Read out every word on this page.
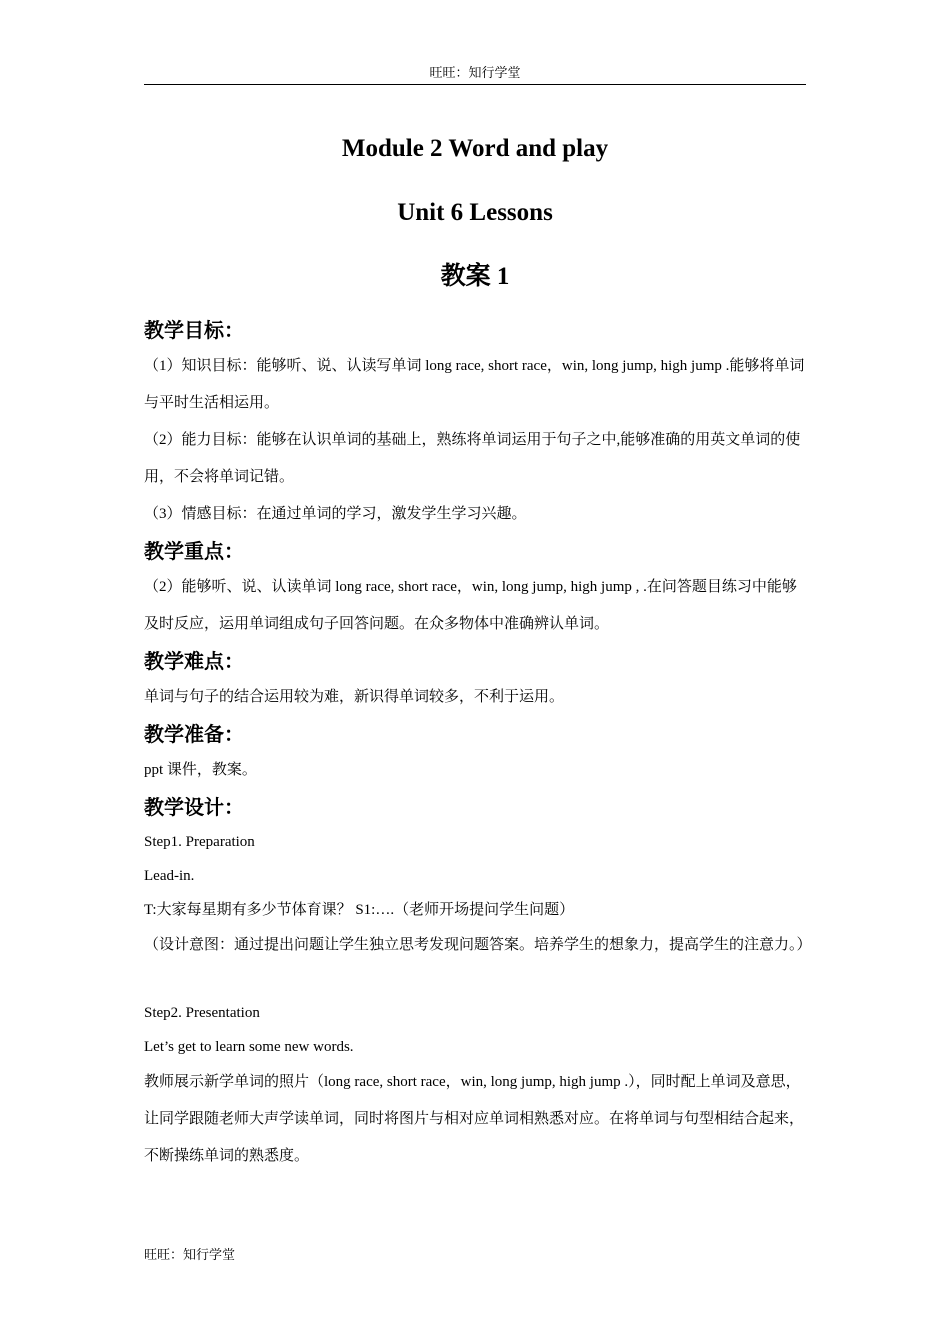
旺旺：知行学堂

Module 2 Word and play

Unit 6 Lessons

教案 1

教学目标：

（1）知识目标：能够听、说、认读写单词 long race, short race，win, long jump, high jump .能够将单词与平时生活相运用。

（2）能力目标：能够在认识单词的基础上，熟练将单词运用于句子之中,能够准确的用英文单词的使用，不会将单词记错。

（3）情感目标：在通过单词的学习，激发学生学习兴趣。

教学重点：

（2）能够听、说、认读单词 long race, short race，win, long jump, high jump , .在问答题目练习中能够及时反应，运用单词组成句子回答问题。在众多物体中准确辨认单词。

教学难点：

单词与句子的结合运用较为难，新识得单词较多，不利于运用。

教学准备：

ppt 课件，教案。

教学设计：

Step1. Preparation

Lead-in.

T:大家每星期有多少节体育课？ S1:….（老师开场提问学生问题）

（设计意图：通过提出问题让学生独立思考发现问题答案。培养学生的想象力，提高学生的注意力。）

Step2. Presentation

Let’s get to learn some new words.

教师展示新学单词的照片（long race, short race，win, long jump, high jump .），同时配上单词及意思，让同学跟随老师大声学读单词，同时将图片与相对应单词相熟悉对应。在将单词与句型相结合起来，不断操练单词的熟悉度。

旺旺：知行学堂
